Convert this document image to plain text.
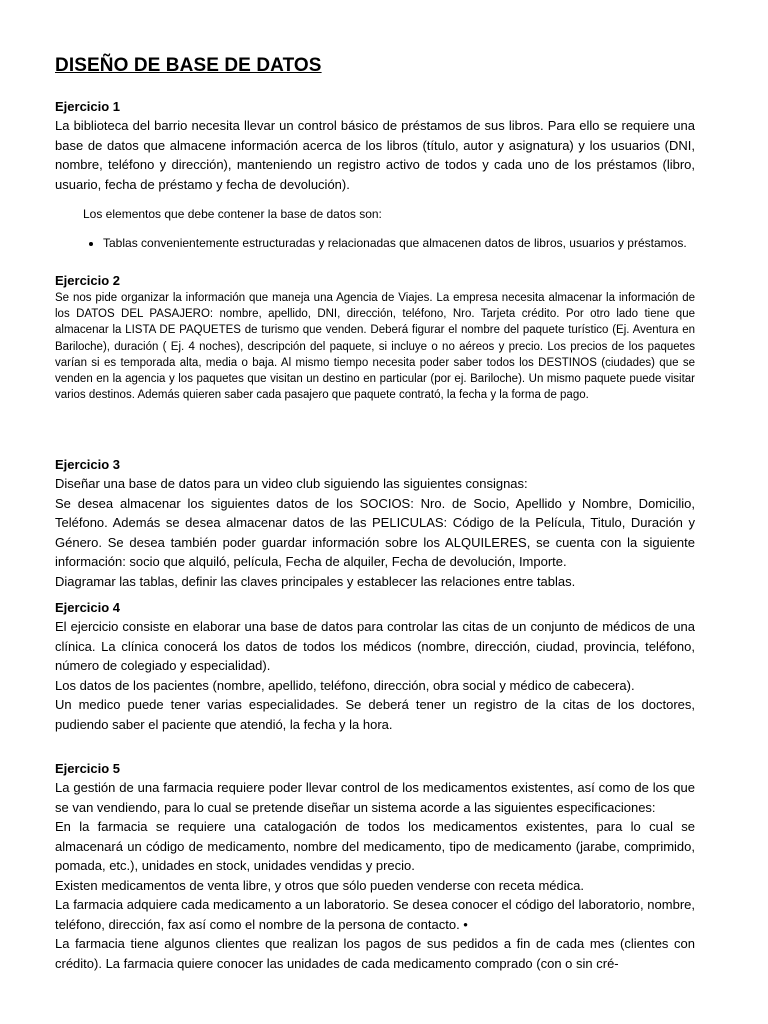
DISEÑO DE BASE DE DATOS

Ejercicio 1

La biblioteca del barrio necesita llevar un control básico de préstamos de sus libros. Para ello se requiere una base de datos que almacene información acerca de los libros (título, autor y asignatura) y los usuarios (DNI, nombre, teléfono y dirección), manteniendo un registro activo de todos y cada uno de los préstamos (libro, usuario, fecha de préstamo y fecha de devolución).

Los elementos que debe contener la base de datos son:

• Tablas convenientemente estructuradas y relacionadas que almacenen datos de libros, usuarios y préstamos.

Ejercicio 2

Se nos pide organizar la información que maneja una Agencia de Viajes. La empresa necesita almacenar la información de los DATOS DEL PASAJERO: nombre, apellido, DNI, dirección, teléfono, Nro. Tarjeta crédito. Por otro lado tiene que almacenar la LISTA DE PAQUETES de turismo que venden. Deberá figurar el nombre del paquete turístico (Ej. Aventura en Bariloche), duración ( Ej. 4 noches), descripción del paquete, si incluye o no aéreos y precio. Los precios de los paquetes varían si es temporada alta, media o baja. Al mismo tiempo necesita poder saber todos los DESTINOS (ciudades) que se venden en la agencia y los paquetes que visitan un destino en particular (por ej. Bariloche). Un mismo paquete puede visitar varios destinos. Además quieren saber cada pasajero que paquete contrató, la fecha y la forma de pago.

Ejercicio 3

Diseñar una base de datos para un video club siguiendo las siguientes consignas:
Se desea almacenar los siguientes datos de los SOCIOS: Nro. de Socio, Apellido y Nombre, Domicilio, Teléfono. Además se desea almacenar datos de las PELICULAS: Código de la Película, Titulo, Duración y Género. Se desea también poder guardar información sobre los ALQUILERES, se cuenta con la siguiente información: socio que alquiló, película, Fecha de alquiler, Fecha de devolución, Importe.
Diagramar las tablas, definir las claves principales y establecer las relaciones entre tablas.

Ejercicio 4

El ejercicio consiste en elaborar una base de datos para controlar las citas de un conjunto de médicos de una clínica. La clínica conocerá los datos de todos los médicos (nombre, dirección, ciudad, provincia, teléfono, número de colegiado y especialidad).
Los datos de los pacientes (nombre, apellido, teléfono, dirección, obra social y médico de cabecera).
Un medico puede tener varias especialidades. Se deberá tener un registro de la citas de los doctores, pudiendo saber el paciente que atendió, la fecha y la hora.

Ejercicio 5

La gestión de una farmacia requiere poder llevar control de los medicamentos existentes, así como de los que se van vendiendo, para lo cual se pretende diseñar un sistema acorde a las siguientes especificaciones:
En la farmacia se requiere una catalogación de todos los medicamentos existentes, para lo cual se almacenará un código de medicamento, nombre del medicamento, tipo de medicamento (jarabe, comprimido, pomada, etc.), unidades en stock, unidades vendidas y precio.
Existen medicamentos de venta libre, y otros que sólo pueden venderse con receta médica.
La farmacia adquiere cada medicamento a un laboratorio. Se desea conocer el código del laboratorio, nombre, teléfono, dirección, fax así como el nombre de la persona de contacto. •
La farmacia tiene algunos clientes que realizan los pagos de sus pedidos a fin de cada mes (clientes con crédito). La farmacia quiere conocer las unidades de cada medicamento comprado (con o sin cré-
